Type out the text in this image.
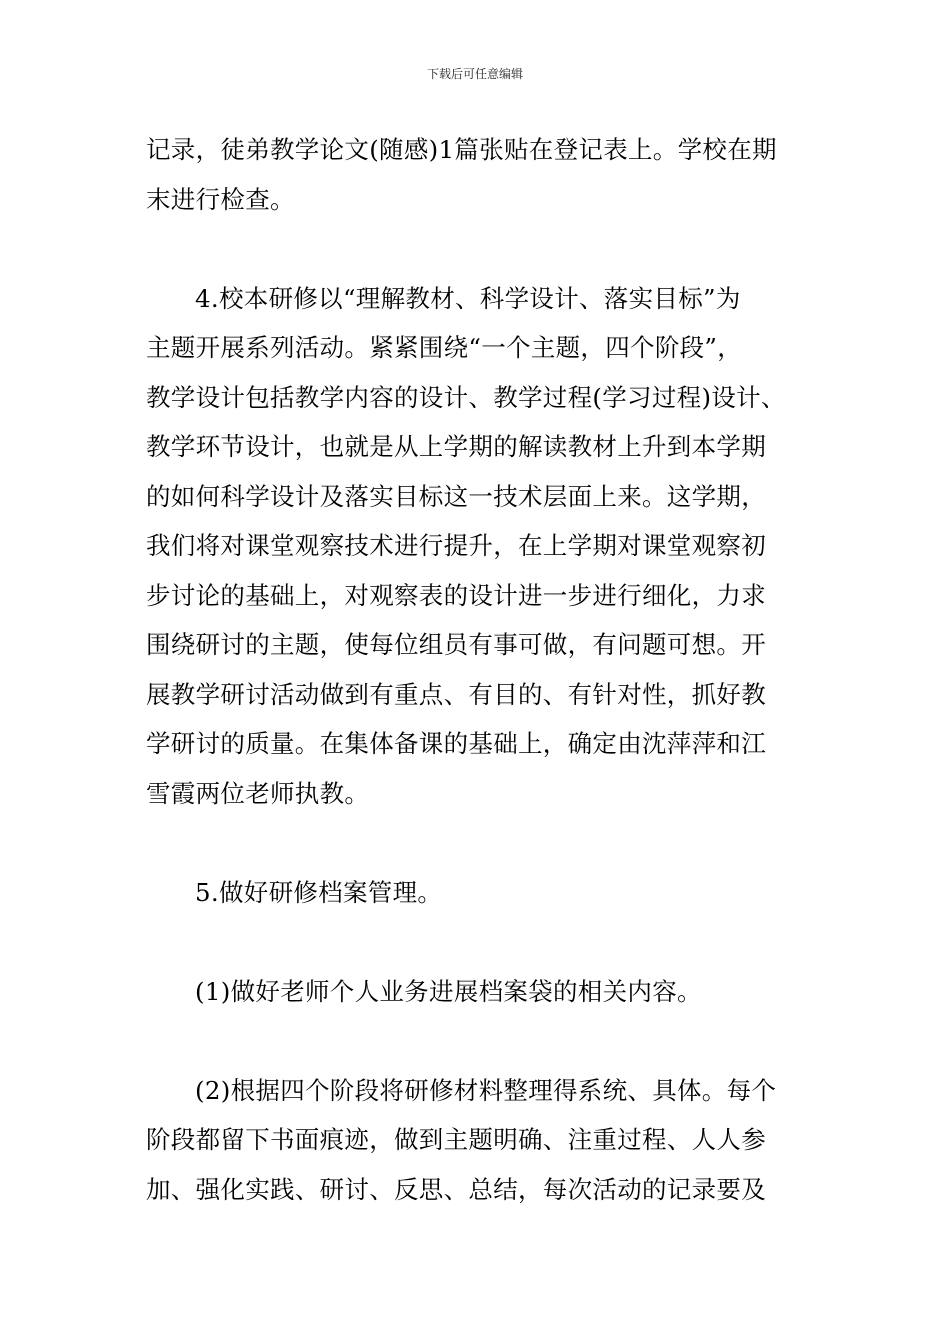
下载后可任意编辑
记录，徒弟教学论文(随感)1篇张贴在登记表上。学校在期
末进行检查。
4.校本研修以“理解教材、科学设计、落实目标”为
主题开展系列活动。紧紧围绕“一个主题，四个阶段”，
教学设计包括教学内容的设计、教学过程(学习过程)设计、
教学环节设计，也就是从上学期的解读教材上升到本学期
的如何科学设计及落实目标这一技术层面上来。这学期，
我们将对课堂观察技术进行提升，在上学期对课堂观察初
步讨论的基础上，对观察表的设计进一步进行细化，力求
围绕研讨的主题，使每位组员有事可做，有问题可想。开
展教学研讨活动做到有重点、有目的、有针对性，抓好教
学研讨的质量。在集体备课的基础上，确定由沈萍萍和江
雪霞两位老师执教。
5.做好研修档案管理。
(1)做好老师个人业务进展档案袋的相关内容。
(2)根据四个阶段将研修材料整理得系统、具体。每个
阶段都留下书面痕迹，做到主题明确、注重过程、人人参
加、强化实践、研讨、反思、总结，每次活动的记录要及
